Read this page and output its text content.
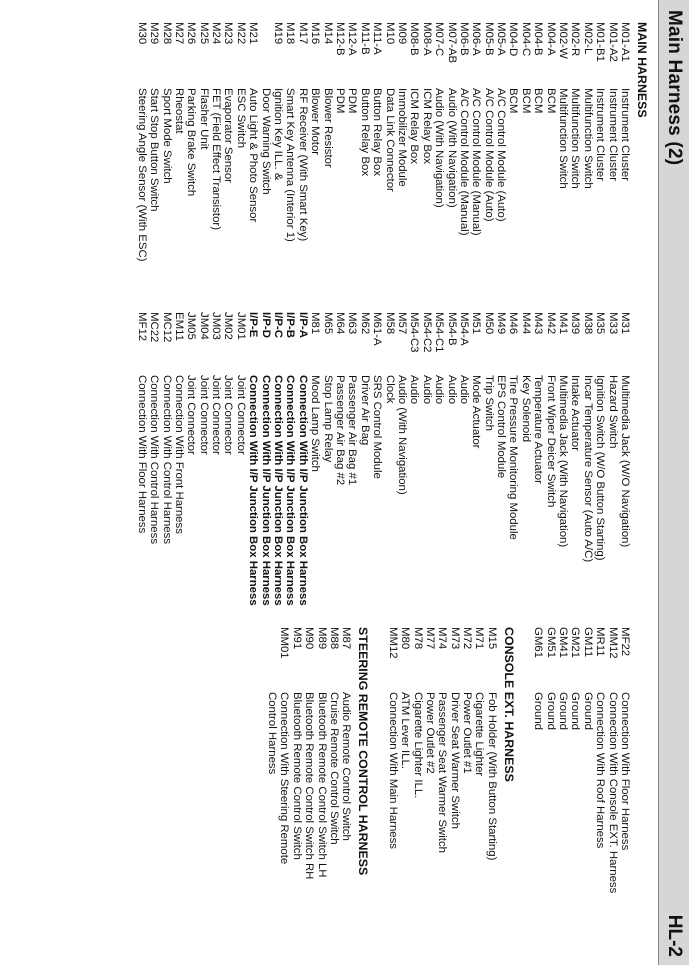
Main Harness (2)
HL-2
MAIN HARNESS
M01-A1Instrument Cluster
M01-A2Instrument Cluster
M01-B1Instrument Cluster
M02-LMultifunction Switch
M02-RMultifunction Switch
M02-WMultifunction Switch
M04-ABCM
M04-BBCM
M04-CBCM
M04-DBCM
M05-AA/C Control Module (Auto)
M05-BA/C Control Module (Auto)
M06-AA/C Control Module (Manual)
M06-BA/C Control Module (Manual)
M07-ABAudio (With Navigation)
M07-CAudio (With Navigation)
M08-AICM Relay Box
M08-BICM Relay Box
M09Immobilizer Module
M10Data Link Connector
M11-AButton Relay Box
M11-BButton Relay Box
M12-APDM
M12-BPDM
M14Blower Resistor
M16Blower Motor
M17RF Receiver (With Smart Key)
M18Smart Key Antenna (Interior 1)
M19Ignition Key ILL. &
Door Warning Switch
M21Auto Light & Photo Sensor
M22ESC Switch
M23Evaporator Sensor
M24FET (Field Effect Transistor)
M25Flasher Unit
M26Parking Brake Switch
M27Rheostat
M28Sport Mode Switch
M29Start Stop Button Switch
M30Steering Angle Sensor (With ESC)
M31Multimedia Jack (W/O Navigation)
M33Hazard Switch
M35Ignition Switch (W/O Button Starting)
M38Incar Temperature Sensor (Auto A/C)
M39Intake Actuator
M41Multimedia Jack (With Navigation)
M42Front Wiper Deicer Switch
M43Temperature Actuator
M44Key Solenoid
M46Tire Pressure Monitoring Module
M49EPS Control Module
M50Trip Switch
M51Mode Actuator
M54-AAudio
M54-BAudio
M54-C1Audio
M54-C2Audio
M54-C3Audio
M57Audio (With Navigation)
M58Clock
M61-ASRS Control Module
M62Driver Air Bag
M63Passenger Air Bag #1
M64Passenger Air Bag #2
M65Stop Lamp Relay
M81Mood Lamp Switch
I/P-AConnection With I/P Junction Box Harness
I/P-BConnection With I/P Junction Box Harness
I/P-CConnection With I/P Junction Box Harness
I/P-DConnection With I/P Junction Box Harness
I/P-EConnection With I/P Junction Box Harness
JM01Joint Connector
JM02Joint Connector
JM03Joint Connector
JM04Joint Connector
JM05Joint Connector
EM11Connection With Front Harness
MC12Connection With Control Harness
MC22Connection With Control Harness
MF12Connection With Floor Harness
MF22Connection With Floor Harness
MM12Connection With Console EXT. Harness
MR11Connection With Roof Harness
GM11Ground
GM21Ground
GM41Ground
GM51Ground
GM61Ground
CONSOLE EXT. HARNESS
M15Fob Holder (With Button Starting)
M71Cigarette Lighter
M72Power Outlet #1
M73Driver Seat Warmer Switch
M74Passenger Seat Warmer Switch
M77Power Outlet #2
M78Cigarette Lighter ILL.
M80ATM Lever ILL.
MM12Connection With Main Harness
STEERING REMOTE CONTROL HARNESS
M87Audio Remote Control Switch
M88Cruise Remote Control Switch
M89Bluetooth Remote Control Switch LH
M90Bluetooth Remote Control Switch RH
M91Bluetooth Remote Control Switch
MM01Connection With Steering Remote
Control Harness
